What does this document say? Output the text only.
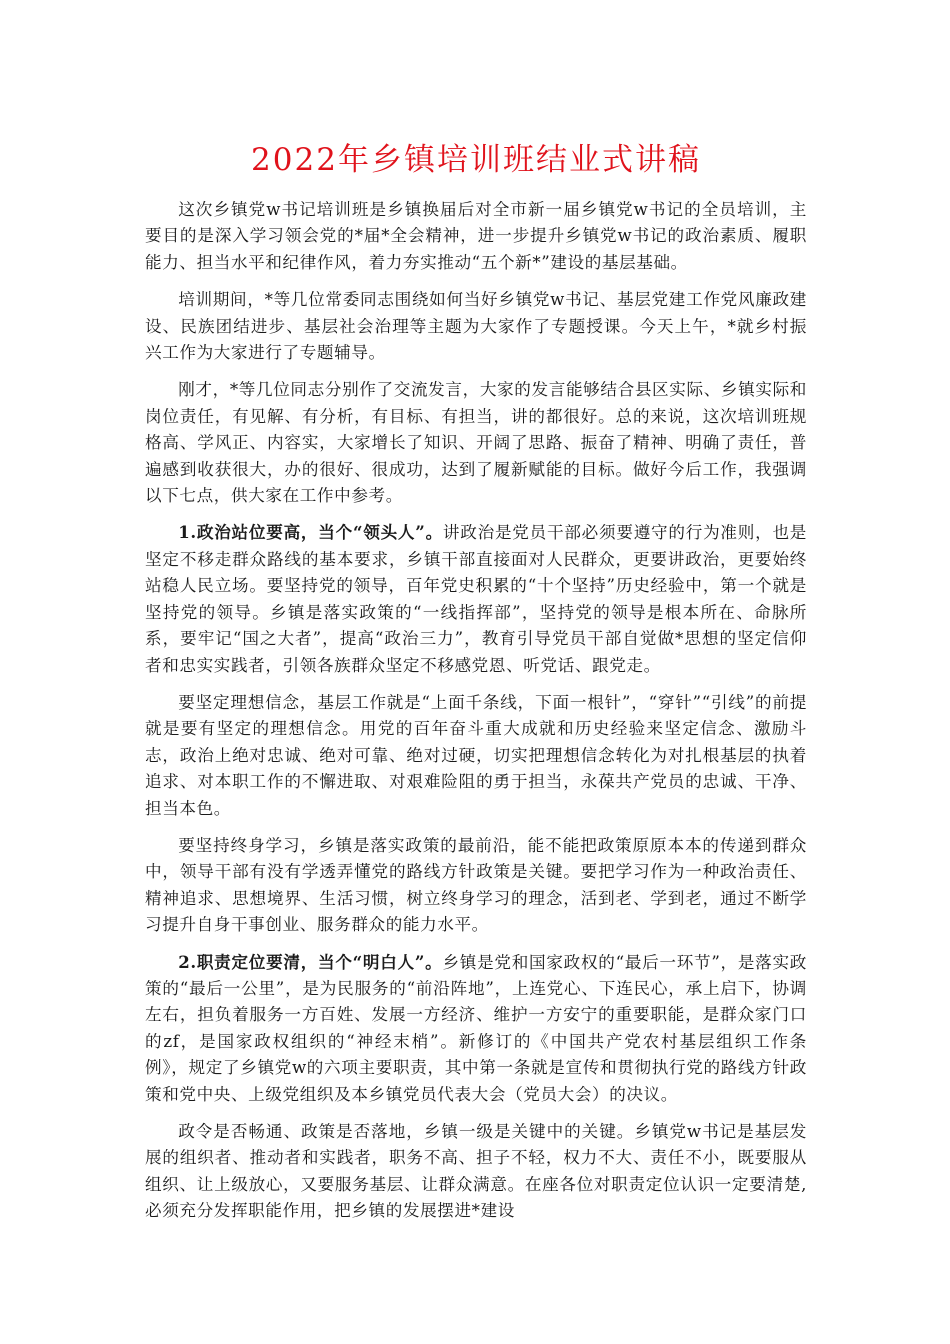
2022年乡镇培训班结业式讲稿

这次乡镇党w书记培训班是乡镇换届后对全市新一届乡镇党w书记的全员培训，主要目的是深入学习领会党的*届*全会精神，进一步提升乡镇党w书记的政治素质、履职能力、担当水平和纪律作风，着力夯实推动“五个新*”建设的基层基础。

培训期间，*等几位常委同志围绕如何当好乡镇党w书记、基层党建工作党风廉政建设、民族团结进步、基层社会治理等主题为大家作了专题授课。今天上午，*就乡村振兴工作为大家进行了专题辅导。

刚才，*等几位同志分别作了交流发言，大家的发言能够结合县区实际、乡镇实际和岗位责任，有见解、有分析，有目标、有担当，讲的都很好。总的来说，这次培训班规格高、学风正、内容实，大家增长了知识、开阔了思路、振奋了精神、明确了责任，普遍感到收获很大，办的很好、很成功，达到了履新赋能的目标。做好今后工作，我强调以下七点，供大家在工作中参考。

1.政治站位要高，当个“领头人”。讲政治是党员干部必须要遵守的行为准则，也是坚定不移走群众路线的基本要求，乡镇干部直接面对人民群众，更要讲政治，更要始终站稳人民立场。要坚持党的领导，百年党史积累的“十个坚持”历史经验中，第一个就是坚持党的领导。乡镇是落实政策的“一线指挥部”，坚持党的领导是根本所在、命脉所系，要牢记“国之大者”，提高“政治三力”，教育引导党员干部自觉做*思想的坚定信仰者和忠实实践者，引领各族群众坚定不移感党恩、听党话、跟党走。

要坚定理想信念，基层工作就是“上面千条线，下面一根针”，“穿针”“引线”的前提就是要有坚定的理想信念。用党的百年奋斗重大成就和历史经验来坚定信念、激励斗志，政治上绝对忠诚、绝对可靠、绝对过硬，切实把理想信念转化为对扎根基层的执着追求、对本职工作的不懈进取、对艰难险阻的勇于担当，永葆共产党员的忠诚、干净、担当本色。

要坚持终身学习，乡镇是落实政策的最前沿，能不能把政策原原本本的传递到群众中，领导干部有没有学透弄懂党的路线方针政策是关键。要把学习作为一种政治责任、精神追求、思想境界、生活习惯，树立终身学习的理念，活到老、学到老，通过不断学习提升自身干事创业、服务群众的能力水平。

2.职责定位要清，当个“明白人”。乡镇是党和国家政权的“最后一环节”，是落实政策的“最后一公里”，是为民服务的“前沿阵地”，上连党心、下连民心，承上启下，协调左右，担负着服务一方百姓、发展一方经济、维护一方安宁的重要职能，是群众家门口的zf，是国家政权组织的“神经末梢”。新修订的《中国共产党农村基层组织工作条例》，规定了乡镇党w的六项主要职责，其中第一条就是宣传和贯彻执行党的路线方针政策和党中央、上级党组织及本乡镇党员代表大会（党员大会）的决议。

政令是否畅通、政策是否落地，乡镇一级是关键中的关键。乡镇党w书记是基层发展的组织者、推动者和实践者，职务不高、担子不轻，权力不大、责任不小，既要服从组织、让上级放心，又要服务基层、让群众满意。在座各位对职责定位认识一定要清楚,必须充分发挥职能作用，把乡镇的发展摆进*建设
